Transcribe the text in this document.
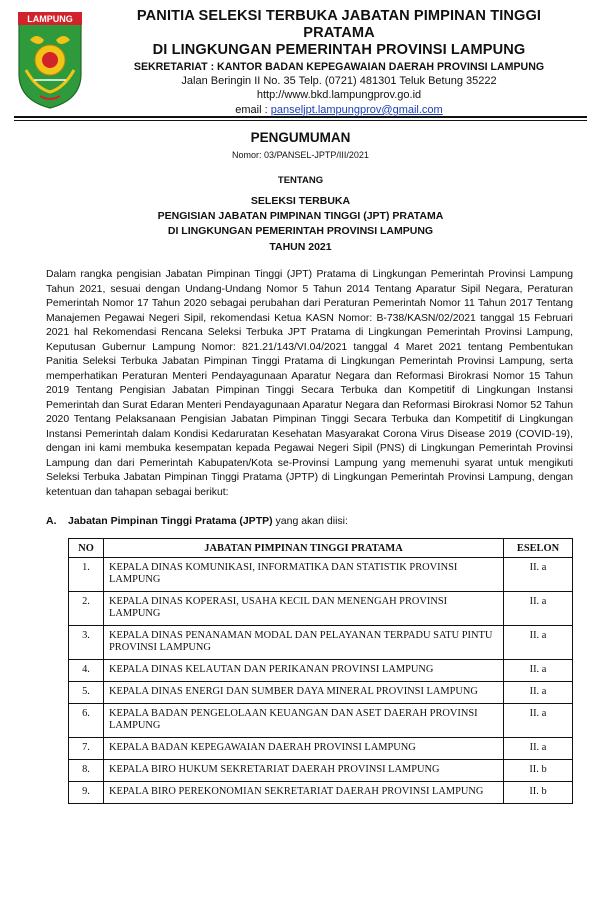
LAMPUNG	PANITIA SELEKSI TERBUKA JABATAN PIMPINAN TINGGI PRATAMA
DI LINGKUNGAN PEMERINTAH PROVINSI LAMPUNG
SEKRETARIAT : KANTOR BADAN KEPEGAWAIAN DAERAH PROVINSI LAMPUNG
Jalan Beringin II No. 35 Telp. (0721) 481301 Teluk Betung 35222
http://www.bkd.lampungprov.go.id
email : panseljpt.lampungprov@gmail.com
PENGUMUMAN
Nomor: 03/PANSEL-JPTP/III/2021
TENTANG
SELEKSI TERBUKA
PENGISIAN JABATAN PIMPINAN TINGGI (JPT) PRATAMA
DI LINGKUNGAN PEMERINTAH PROVINSI LAMPUNG
TAHUN 2021
Dalam rangka pengisian Jabatan Pimpinan Tinggi (JPT) Pratama di Lingkungan Pemerintah Provinsi Lampung Tahun 2021, sesuai dengan Undang-Undang Nomor 5 Tahun 2014 Tentang Aparatur Sipil Negara, Peraturan Pemerintah Nomor 17 Tahun 2020 sebagai perubahan dari Peraturan Pemerintah Nomor 11 Tahun 2017 Tentang Manajemen Pegawai Negeri Sipil, rekomendasi Ketua KASN Nomor: B-738/KASN/02/2021 tanggal 15 Februari 2021 hal Rekomendasi Rencana Seleksi Terbuka JPT Pratama di Lingkungan Pemerintah Provinsi Lampung, Keputusan Gubernur Lampung Nomor: 821.21/143/VI.04/2021 tanggal 4 Maret 2021 tentang Pembentukan Panitia Seleksi Terbuka Jabatan Pimpinan Tinggi Pratama di Lingkungan Pemerintah Provinsi Lampung, serta memperhatikan Peraturan Menteri Pendayagunaan Aparatur Negara dan Reformasi Birokrasi Nomor 15 Tahun 2019 Tentang Pengisian Jabatan Pimpinan Tinggi Secara Terbuka dan Kompetitif di Lingkungan Instansi Pemerintah dan Surat Edaran Menteri Pendayagunaan Aparatur Negara dan Reformasi Birokrasi Nomor 52 Tahun 2020 Tentang Pelaksanaan Pengisian Jabatan Pimpinan Tinggi Secara Terbuka dan Kompetitif di Lingkungan Instansi Pemerintah dalam Kondisi Kedaruratan Kesehatan Masyarakat Corona Virus Disease 2019 (COVID-19), dengan ini kami membuka kesempatan kepada Pegawai Negeri Sipil (PNS) di Lingkungan Pemerintah Provinsi Lampung dan dari Pemerintah Kabupaten/Kota se-Provinsi Lampung yang memenuhi syarat untuk mengikuti Seleksi Terbuka Jabatan Pimpinan Tinggi Pratama (JPTP) di Lingkungan Pemerintah Provinsi Lampung, dengan ketentuan dan tahapan sebagai berikut:
A. Jabatan Pimpinan Tinggi Pratama (JPTP) yang akan diisi:
NO	JABATAN PIMPINAN TINGGI PRATAMA	ESELON
1.	KEPALA DINAS KOMUNIKASI, INFORMATIKA DAN STATISTIK PROVINSI LAMPUNG	II. a
2.	KEPALA DINAS KOPERASI, USAHA KECIL DAN MENENGAH PROVINSI LAMPUNG	II. a
3.	KEPALA DINAS PENANAMAN MODAL DAN PELAYANAN TERPADU SATU PINTU PROVINSI LAMPUNG	II. a
4.	KEPALA DINAS KELAUTAN DAN PERIKANAN PROVINSI LAMPUNG	II. a
5.	KEPALA DINAS ENERGI DAN SUMBER DAYA MINERAL PROVINSI LAMPUNG	II. a
6.	KEPALA BADAN PENGELOLAAN KEUANGAN DAN ASET DAERAH PROVINSI LAMPUNG	II. a
7.	KEPALA BADAN KEPEGAWAIAN DAERAH PROVINSI LAMPUNG	II. a
8.	KEPALA BIRO HUKUM SEKRETARIAT DAERAH PROVINSI LAMPUNG	II. b
9.	KEPALA BIRO PEREKONOMIAN SEKRETARIAT DAERAH PROVINSI LAMPUNG	II. b
